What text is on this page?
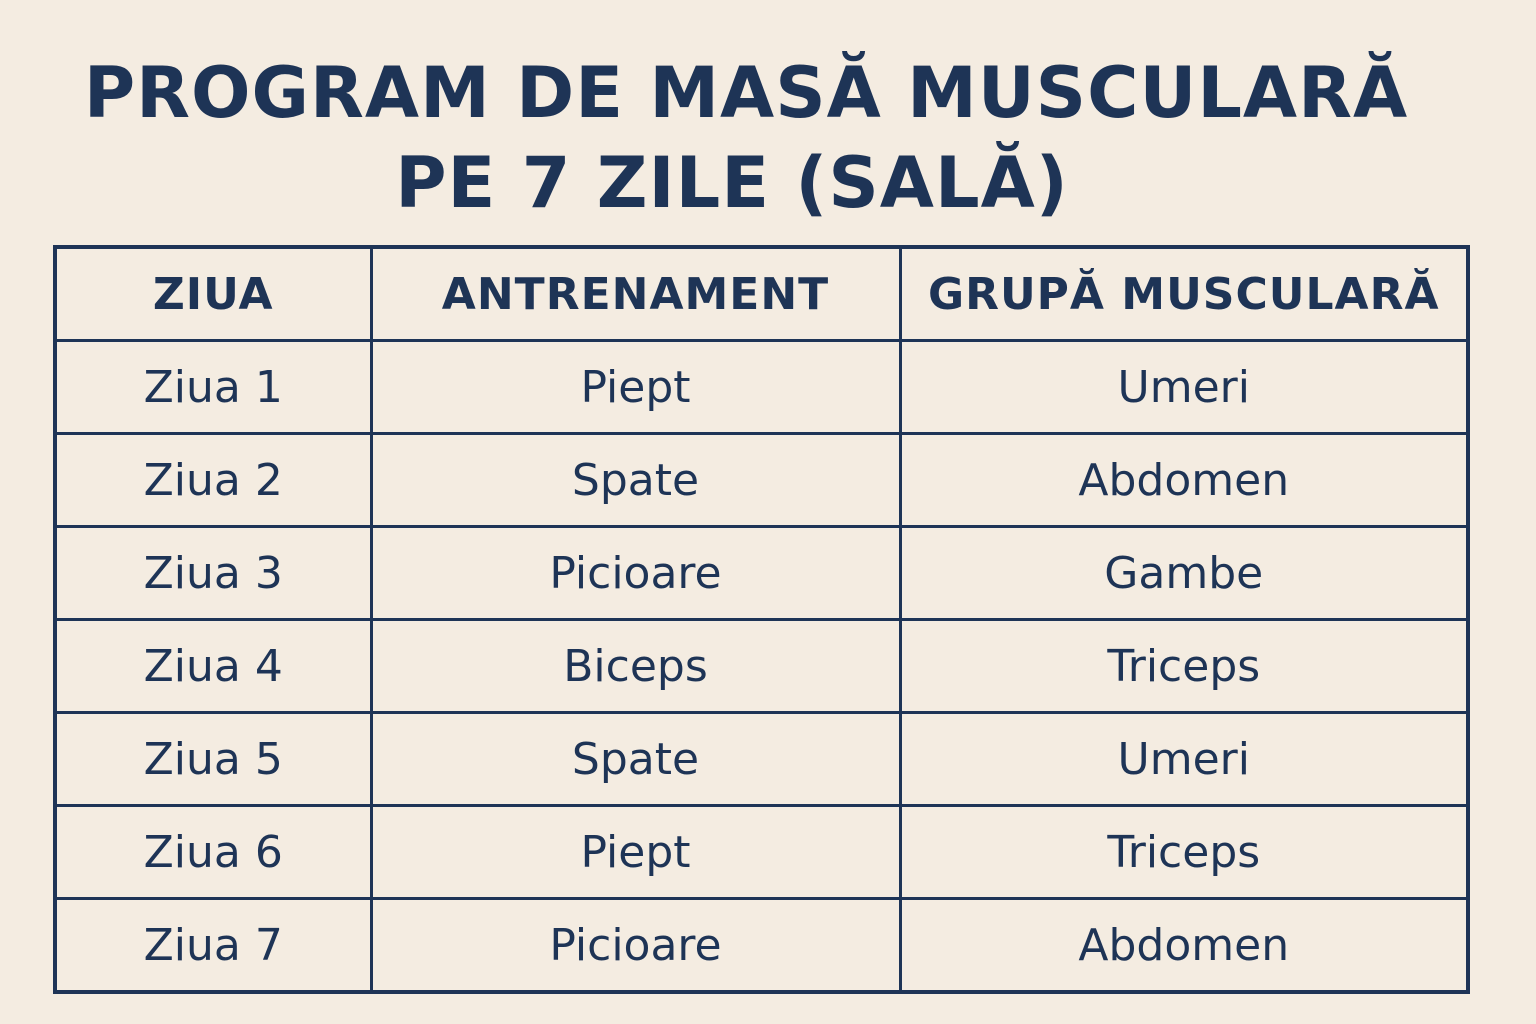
PROGRAM DE MASĂ MUSCULARĂ
PE 7 ZILE (SALĂ)
ZIUA	ANTRENAMENT	GRUPĂ MUSCULARĂ
Ziua 1	Piept	Umeri
Ziua 2	Spate	Abdomen
Ziua 3	Picioare	Gambe
Ziua 4	Biceps	Triceps
Ziua 5	Spate	Umeri
Ziua 6	Piept	Triceps
Ziua 7	Picioare	Abdomen
